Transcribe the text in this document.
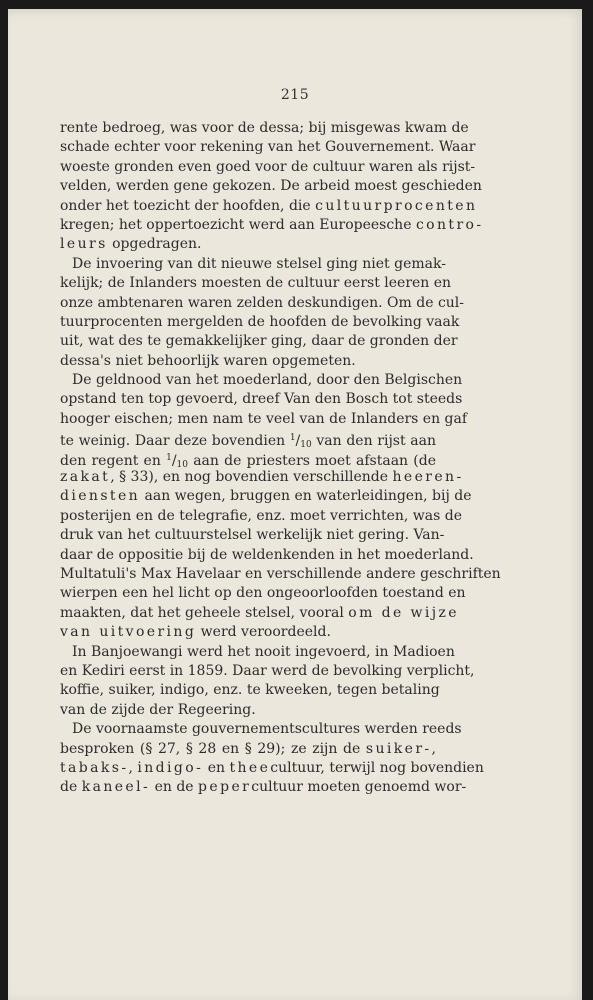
215
rente bedroeg, was voor de dessa; bij misgewas kwam de
schade echter voor rekening van het Gouvernement. Waar
woeste gronden even goed voor de cultuur waren als rijst-
velden, werden gene gekozen. De arbeid moest geschieden
onder het toezicht der hoofden, die cultuurprocenten
kregen; het oppertoezicht werd aan Europeesche contro-
leurs opgedragen.
De invoering van dit nieuwe stelsel ging niet gemak-
kelijk; de Inlanders moesten de cultuur eerst leeren en
onze ambtenaren waren zelden deskundigen. Om de cul-
tuurprocenten mergelden de hoofden de bevolking vaak
uit, wat des te gemakkelijker ging, daar de gronden der
dessa's niet behoorlijk waren opgemeten.
De geldnood van het moederland, door den Belgischen
opstand ten top gevoerd, dreef Van den Bosch tot steeds
hooger eischen; men nam te veel van de Inlanders en gaf
te weinig. Daar deze bovendien $^1/_{10}$ van den rijst aan
den regent en $^1/_{10}$ aan de priesters moet afstaan (de
zakat, § 33), en nog bovendien verschillende heeren-
diensten aan wegen, bruggen en waterleidingen, bij de
posterijen en de telegrafie, enz. moet verrichten, was de
druk van het cultuurstelsel werkelijk niet gering. Van-
daar de oppositie bij de weldenkenden in het moederland.
Multatuli's Max Havelaar en verschillende andere geschriften
wierpen een hel licht op den ongeoorloofden toestand en
maakten, dat het geheele stelsel, vooral om de wijze
van uitvoering werd veroordeeld.
In Banjoewangi werd het nooit ingevoerd, in Madioen
en Kediri eerst in 1859. Daar werd de bevolking verplicht,
koffie, suiker, indigo, enz. te kweeken, tegen betaling
van de zijde der Regeering.
De voornaamste gouvernementscultures werden reeds
besproken (§ 27, § 28 en § 29); ze zijn de suiker-,
tabaks-, indigo- en theecultuur, terwijl nog bovendien
de kaneel- en de pepercultuur moeten genoemd wor-
